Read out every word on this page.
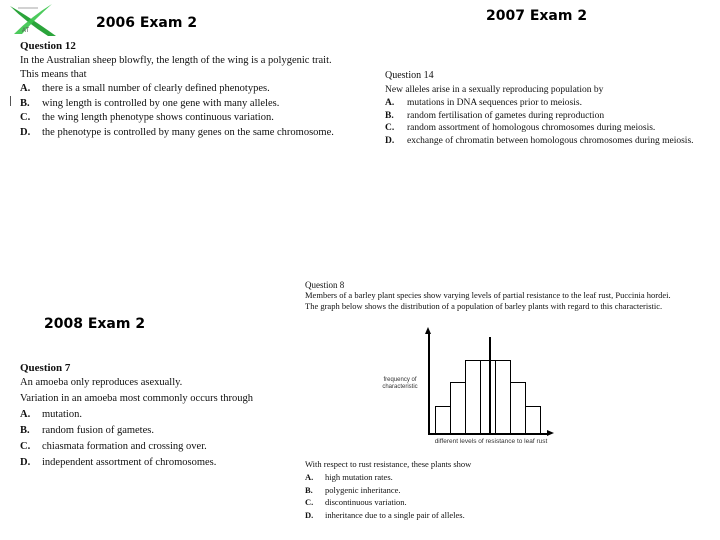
AT	2006 Exam 2
Question 12
In the Australian sheep blowfly, the length of the wing is a polygenic trait.
This means that
A.	there is a small number of clearly defined phenotypes.
B.	wing length is controlled by one gene with many alleles.
C.	the wing length phenotype shows continuous variation.
D.	the phenotype is controlled by many genes on the same chromosome.
2007 Exam 2
Question 14
New alleles arise in a sexually reproducing population by
A.	mutations in DNA sequences prior to meiosis.
B.	random fertilisation of gametes during reproduction
C.	random assortment of homologous chromosomes during meiosis.
D.	exchange of chromatin between homologous chromosomes during meiosis.
2008 Exam 2
Question 7
An amoeba only reproduces asexually.
Variation in an amoeba most commonly occurs through
A.	mutation.
B.	random fusion of gametes.
C.	chiasmata formation and crossing over.
D.	independent assortment of chromosomes.
Question 8
Members of a barley plant species show varying levels of partial resistance to the leaf rust, Puccinia hordei.
The graph below shows the distribution of a population of barley plants with regard to this characteristic.
frequency of characteristic
different levels of resistance to leaf rust
With respect to rust resistance, these plants show
A.	high mutation rates.
B.	polygenic inheritance.
C.	discontinuous variation.
D.	inheritance due to a single pair of alleles.
